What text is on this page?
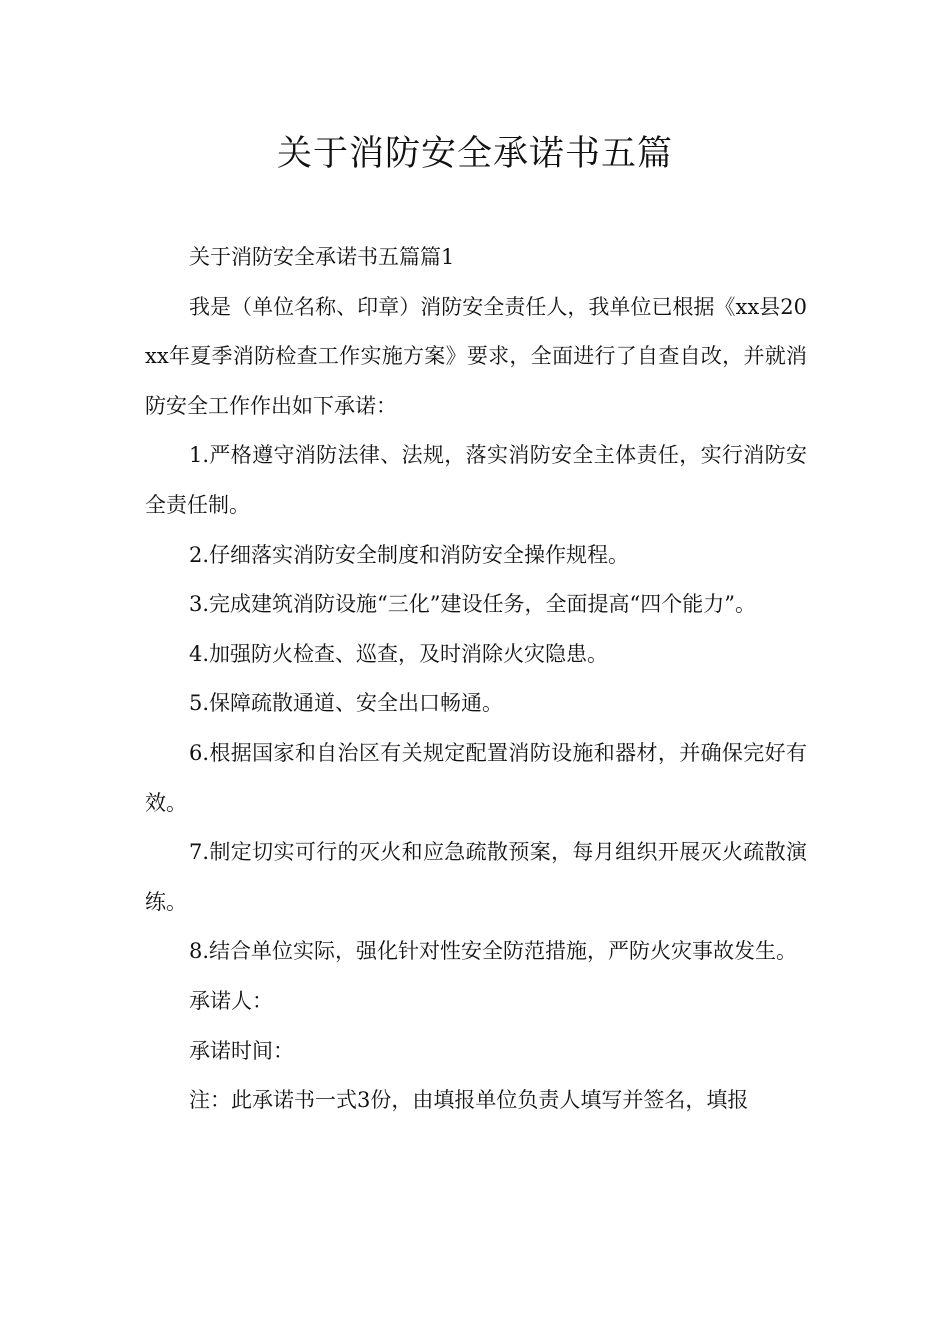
关于消防安全承诺书五篇

关于消防安全承诺书五篇篇1

我是（单位名称、印章）消防安全责任人，我单位已根据《xx县20xx年夏季消防检查工作实施方案》要求，全面进行了自查自改，并就消防安全工作作出如下承诺：

1.严格遵守消防法律、法规，落实消防安全主体责任，实行消防安全责任制。

2.仔细落实消防安全制度和消防安全操作规程。

3.完成建筑消防设施“三化”建设任务，全面提高“四个能力”。

4.加强防火检查、巡查，及时消除火灾隐患。

5.保障疏散通道、安全出口畅通。

6.根据国家和自治区有关规定配置消防设施和器材，并确保完好有效。

7.制定切实可行的灭火和应急疏散预案，每月组织开展灭火疏散演练。

8.结合单位实际，强化针对性安全防范措施，严防火灾事故发生。

承诺人：

承诺时间：

注：此承诺书一式3份，由填报单位负责人填写并签名，填报
